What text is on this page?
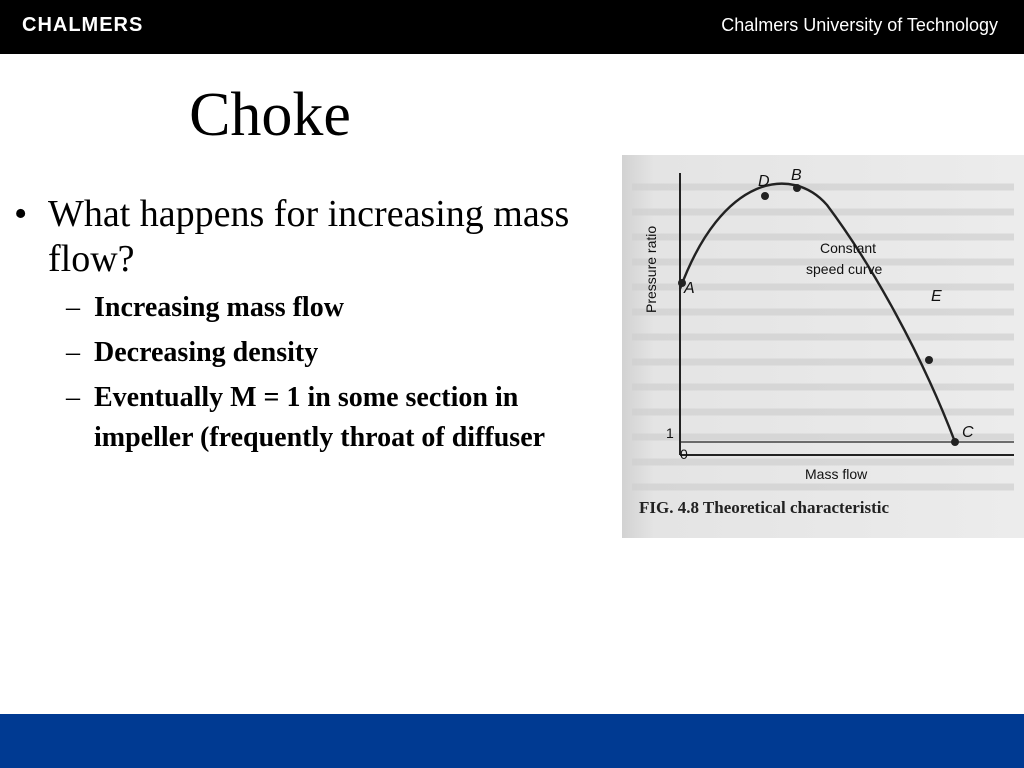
CHALMERS	Chalmers University of Technology
Choke
• What happens for increasing mass flow?
– Increasing mass flow
– Decreasing density
– Eventually M = 1 in some section in impeller (frequently throat of diffuser
A
D B
E
C
Constant
speed curve
Mass flow
Pressure ratio
1
0
FIG. 4.8 Theoretical characteristic
